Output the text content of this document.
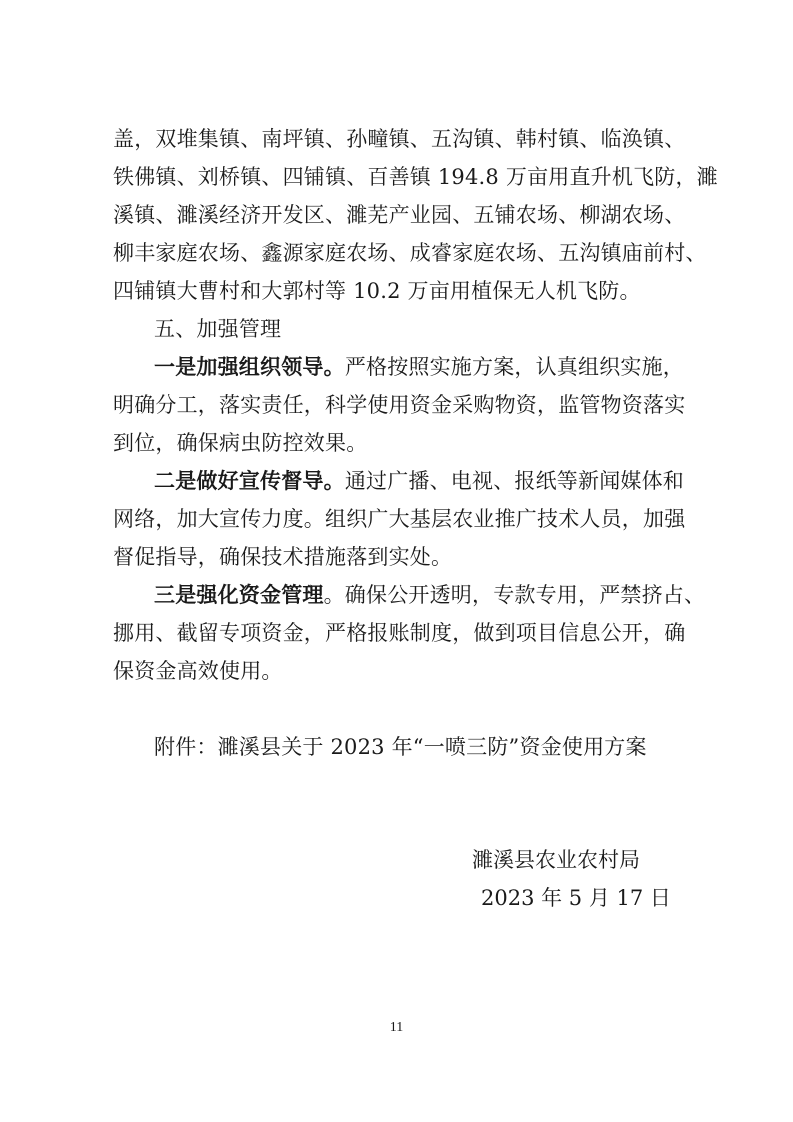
盖，双堆集镇、南坪镇、孙疃镇、五沟镇、韩村镇、临涣镇、
铁佛镇、刘桥镇、四铺镇、百善镇 194.8 万亩用直升机飞防，濉
溪镇、濉溪经济开发区、濉芜产业园、五铺农场、柳湖农场、
柳丰家庭农场、鑫源家庭农场、成睿家庭农场、五沟镇庙前村、
四铺镇大曹村和大郭村等 10.2 万亩用植保无人机飞防。
五、加强管理
一是加强组织领导。严格按照实施方案，认真组织实施，
明确分工，落实责任，科学使用资金采购物资，监管物资落实
到位，确保病虫防控效果。
二是做好宣传督导。通过广播、电视、报纸等新闻媒体和
网络，加大宣传力度。组织广大基层农业推广技术人员，加强
督促指导，确保技术措施落到实处。
三是强化资金管理。确保公开透明，专款专用，严禁挤占、
挪用、截留专项资金，严格报账制度，做到项目信息公开，确
保资金高效使用。
附件：濉溪县关于 2023 年“一喷三防”资金使用方案
濉溪县农业农村局
2023 年 5 月 17 日
11
